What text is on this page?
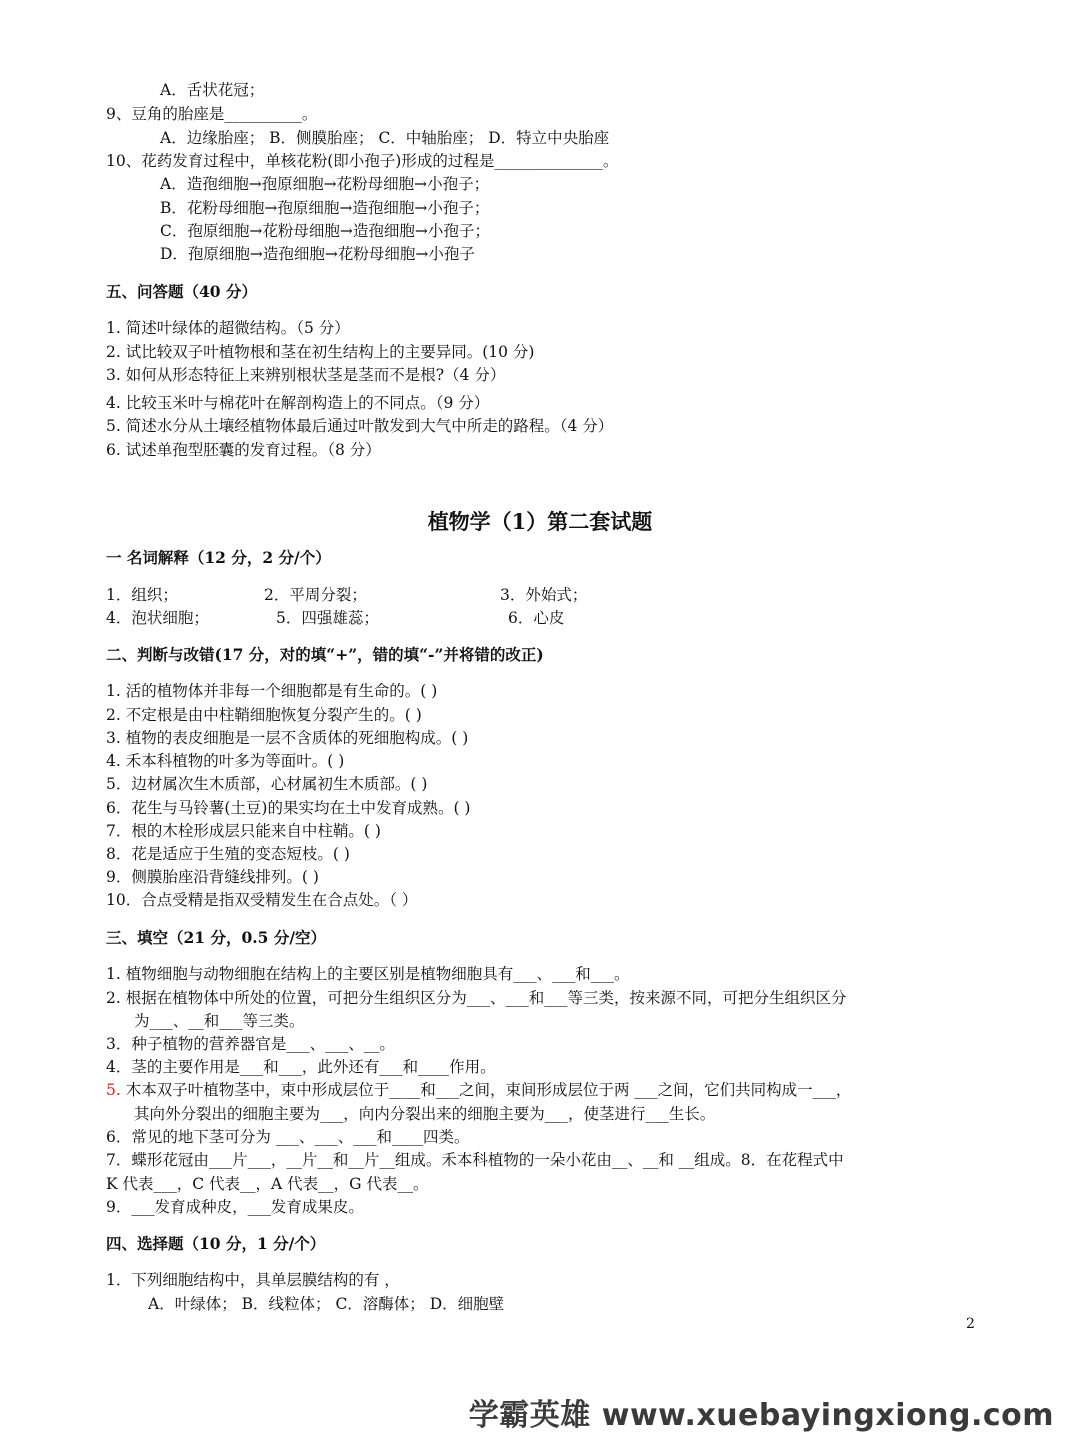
A．舌状花冠；
9、豆角的胎座是__________。
A．边缘胎座； B．侧膜胎座； C．中轴胎座； D．特立中央胎座
10、花药发育过程中，单核花粉(即小孢子)形成的过程是______________。
A．造孢细胞→孢原细胞→花粉母细胞→小孢子；
B．花粉母细胞→孢原细胞→造孢细胞→小孢子；
C．孢原细胞→花粉母细胞→造孢细胞→小孢子；
D．孢原细胞→造孢细胞→花粉母细胞→小孢子
五、问答题（40 分）
1. 简述叶绿体的超微结构。（5 分）
2. 试比较双子叶植物根和茎在初生结构上的主要异同。(10 分)
3. 如何从形态特征上来辨别根状茎是茎而不是根?（4 分）
4. 比较玉米叶与棉花叶在解剖构造上的不同点。（9 分）
5. 简述水分从土壤经植物体最后通过叶散发到大气中所走的路程。（4 分）
6. 试述单孢型胚囊的发育过程。（8 分）
植物学（1）第二套试题
一 名词解释（12 分，2 分/个）
1．组织；	2．平周分裂；	3．外始式；
4．泡状细胞；	5．四强雄蕊；	6．心皮
二、判断与改错(17 分，对的填“+”，错的填“-”并将错的改正)
1. 活的植物体并非每一个细胞都是有生命的。( )
2. 不定根是由中柱鞘细胞恢复分裂产生的。( )
3. 植物的表皮细胞是一层不含质体的死细胞构成。( )
4. 禾本科植物的叶多为等面叶。( )
5．边材属次生木质部，心材属初生木质部。( )
6．花生与马铃薯(土豆)的果实均在土中发育成熟。( )
7．根的木栓形成层只能来自中柱鞘。( )
8．花是适应于生殖的变态短枝。( )
9．侧膜胎座沿背缝线排列。( )
10．合点受精是指双受精发生在合点处。（ ）
三、填空（21 分，0.5 分/空）
1. 植物细胞与动物细胞在结构上的主要区别是植物细胞具有___、___和___。
2. 根据在植物体中所处的位置，可把分生组织区分为___、___和___等三类，按来源不同，可把分生组织区分
为___、__和___等三类。
3．种子植物的营养器官是___、___、__。
4．茎的主要作用是___和___，此外还有___和____作用。
5. 木本双子叶植物茎中，束中形成层位于____和___之间，束间形成层位于两 ___之间，它们共同构成一___，
其向外分裂出的细胞主要为___，向内分裂出来的细胞主要为___，使茎进行___生长。
6．常见的地下茎可分为 ___、___、___和____四类。
7．蝶形花冠由___片___，__片__和__片__组成。禾本科植物的一朵小花由__、__和 __组成。8．在花程式中
K 代表___，C 代表__，A 代表__，G 代表__。
9．___发育成种皮，___发育成果皮。
四、选择题（10 分，1 分/个）
1．下列细胞结构中，具单层膜结构的有 ，
A．叶绿体； B．线粒体； C．溶酶体； D．细胞壁
2
学霸英雄 www.xuebayingxiong.com
